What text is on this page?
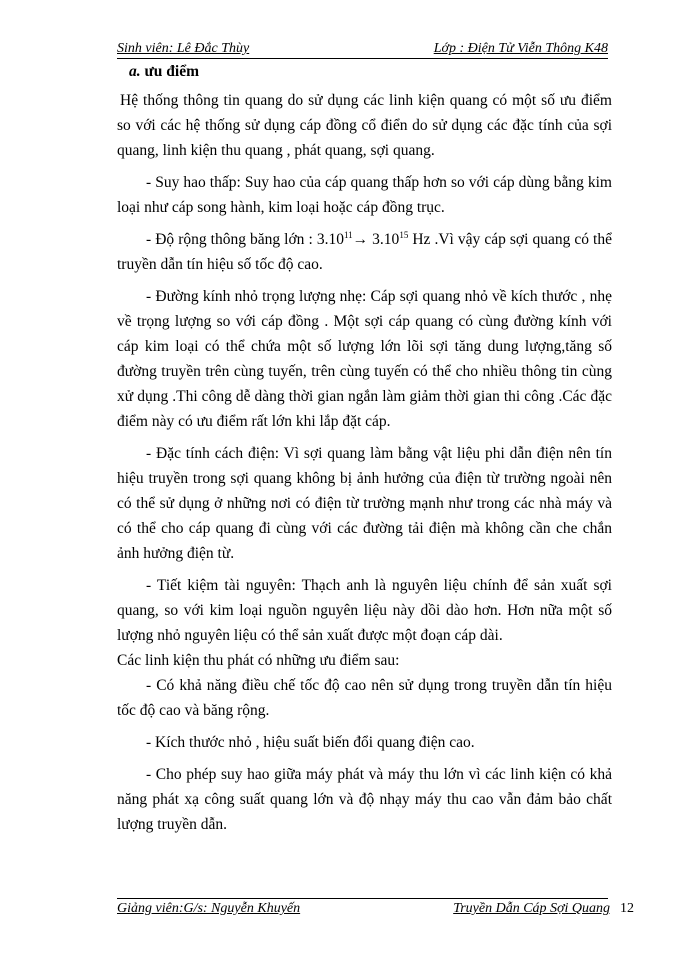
Sinh viên: Lê Đắc Thùy	Lớp : Điện Tử Viễn Thông K48
a. ưu điểm

Hệ thống thông tin quang do sử dụng các linh kiện quang có một số ưu điểm so với các hệ thống sử dụng cáp đồng cổ điển do sử dụng các đặc tính của sợi quang, linh kiện thu quang , phát quang, sợi quang.

- Suy hao thấp: Suy hao của cáp quang thấp hơn so với cáp dùng bằng kim loại như cáp song hành, kim loại hoặc cáp đồng trục.

- Độ rộng thông băng lớn : $3.10^{11}\to 3.10^{15}$ Hz .Vì vậy cáp sợi quang có thể truyền dẫn tín hiệu số tốc độ cao.

- Đường kính nhỏ trọng lượng nhẹ: Cáp sợi quang nhỏ về kích thước , nhẹ về trọng lượng so với cáp đồng . Một sợi cáp quang có cùng đường kính với cáp kim loại có thể chứa một số lượng lớn lõi sợi tăng dung lượng,tăng số đường truyền trên cùng tuyến, trên cùng tuyến có thể cho nhiều thông tin cùng xử dụng .Thi công dễ dàng thời gian ngắn làm giảm thời gian thi công .Các đặc điểm này có ưu điểm rất lớn khi lắp đặt cáp.

- Đặc tính cách điện: Vì sợi quang làm bằng vật liệu phi dẫn điện nên tín hiệu truyền trong sợi quang không bị ảnh hưởng của điện từ trường ngoài nên có thể sử dụng ở những nơi có điện từ trường mạnh như trong các nhà máy và có thể cho cáp quang đi cùng với các đường tải điện mà không cần che chắn ảnh hưởng điện từ.

- Tiết kiệm tài nguyên: Thạch anh là nguyên liệu chính để sản xuất sợi quang, so với kim loại nguồn nguyên liệu này dồi dào hơn. Hơn nữa một số lượng nhỏ nguyên liệu có thể sản xuất được một đoạn cáp dài.

Các linh kiện thu phát có những ưu điểm sau:

- Có khả năng điều chế tốc độ cao nên sử dụng trong truyền dẫn tín hiệu tốc độ cao và băng rộng.

- Kích thước nhỏ , hiệu suất biến đổi quang điện cao.

- Cho phép suy hao giữa máy phát và máy thu lớn vì các linh kiện có khả năng phát xạ công suất quang lớn và độ nhạy máy thu cao vẫn đảm bảo chất lượng truyền dẫn.

Giảng viên:G/s: Nguyễn Khuyến	Truyền Dẫn Cáp Sợi Quang 12
